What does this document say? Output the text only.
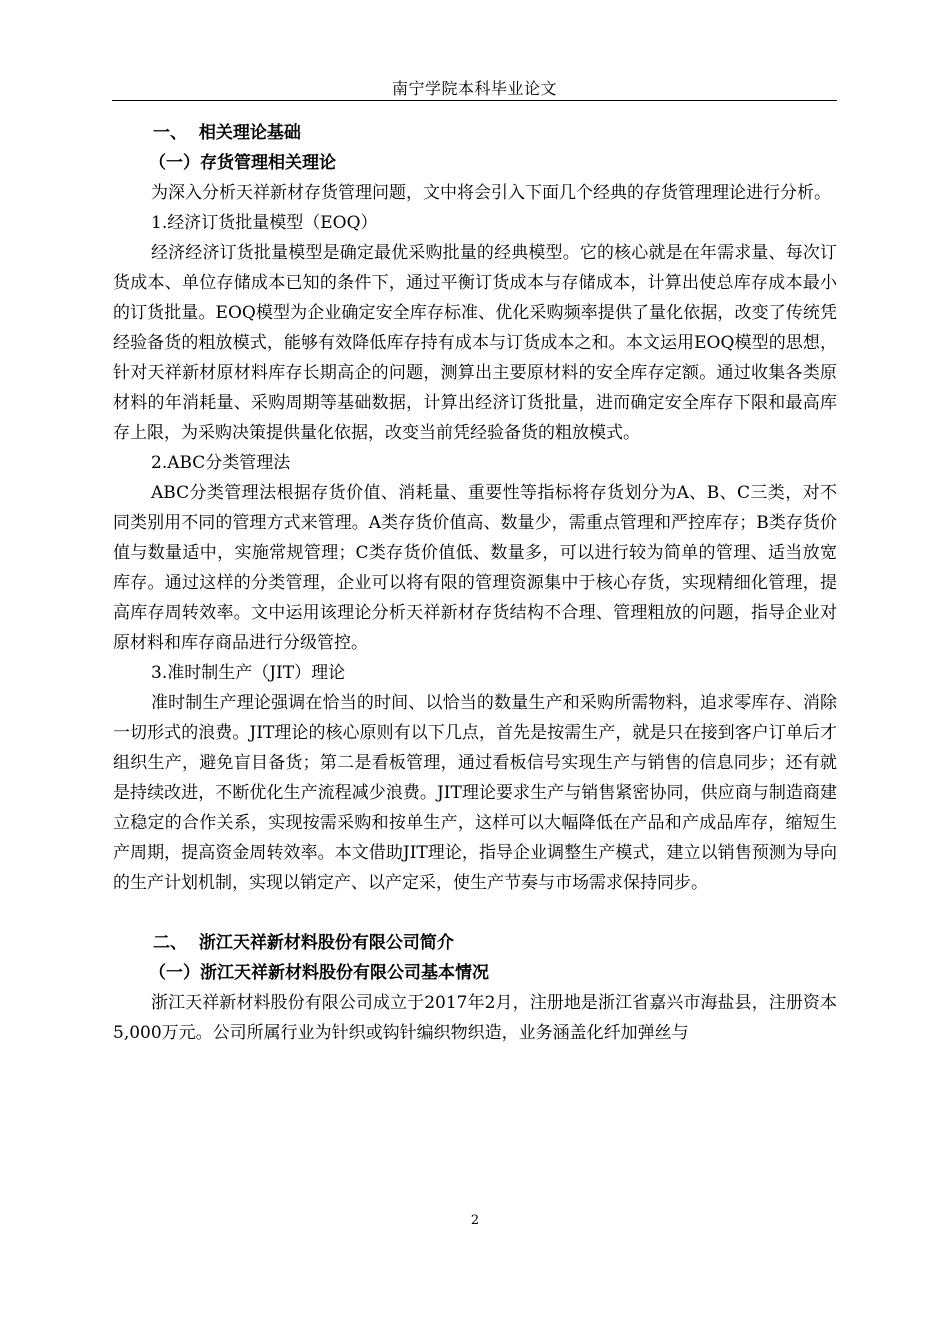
南宁学院本科毕业论文
一、  相关理论基础
（一）存货管理相关理论

为深入分析天祥新材存货管理问题，文中将会引入下面几个经典的存货管理理论进行分析。

1.经济订货批量模型（EOQ）

经济经济订货批量模型是确定最优采购批量的经典模型。它的核心就是在年需求量、每次订货成本、单位存储成本已知的条件下，通过平衡订货成本与存储成本，计算出使总库存成本最小的订货批量。EOQ模型为企业确定安全库存标准、优化采购频率提供了量化依据，改变了传统凭经验备货的粗放模式，能够有效降低库存持有成本与订货成本之和。本文运用EOQ模型的思想，针对天祥新材原材料库存长期高企的问题，测算出主要原材料的安全库存定额。通过收集各类原材料的年消耗量、采购周期等基础数据，计算出经济订货批量，进而确定安全库存下限和最高库存上限，为采购决策提供量化依据，改变当前凭经验备货的粗放模式。

2.ABC分类管理法

ABC分类管理法根据存货价值、消耗量、重要性等指标将存货划分为A、B、C三类，对不同类别用不同的管理方式来管理。A类存货价值高、数量少，需重点管理和严控库存；B类存货价值与数量适中，实施常规管理；C类存货价值低、数量多，可以进行较为简单的管理、适当放宽库存。通过这样的分类管理，企业可以将有限的管理资源集中于核心存货，实现精细化管理，提高库存周转效率。文中运用该理论分析天祥新材存货结构不合理、管理粗放的问题，指导企业对原材料和库存商品进行分级管控。

3.准时制生产（JIT）理论

准时制生产理论强调在恰当的时间、以恰当的数量生产和采购所需物料，追求零库存、消除一切形式的浪费。JIT理论的核心原则有以下几点，首先是按需生产，就是只在接到客户订单后才组织生产，避免盲目备货；第二是看板管理，通过看板信号实现生产与销售的信息同步；还有就是持续改进，不断优化生产流程减少浪费。JIT理论要求生产与销售紧密协同，供应商与制造商建立稳定的合作关系，实现按需采购和按单生产，这样可以大幅降低在产品和产成品库存，缩短生产周期，提高资金周转效率。本文借助JIT理论，指导企业调整生产模式，建立以销售预测为导向的生产计划机制，实现以销定产、以产定采，使生产节奏与市场需求保持同步。

二、  浙江天祥新材料股份有限公司简介
（一）浙江天祥新材料股份有限公司基本情况

浙江天祥新材料股份有限公司成立于2017年2月，注册地是浙江省嘉兴市海盐县，注册资本5,000万元。公司所属行业为针织或钩针编织物织造，业务涵盖化纤加弹丝与

2
